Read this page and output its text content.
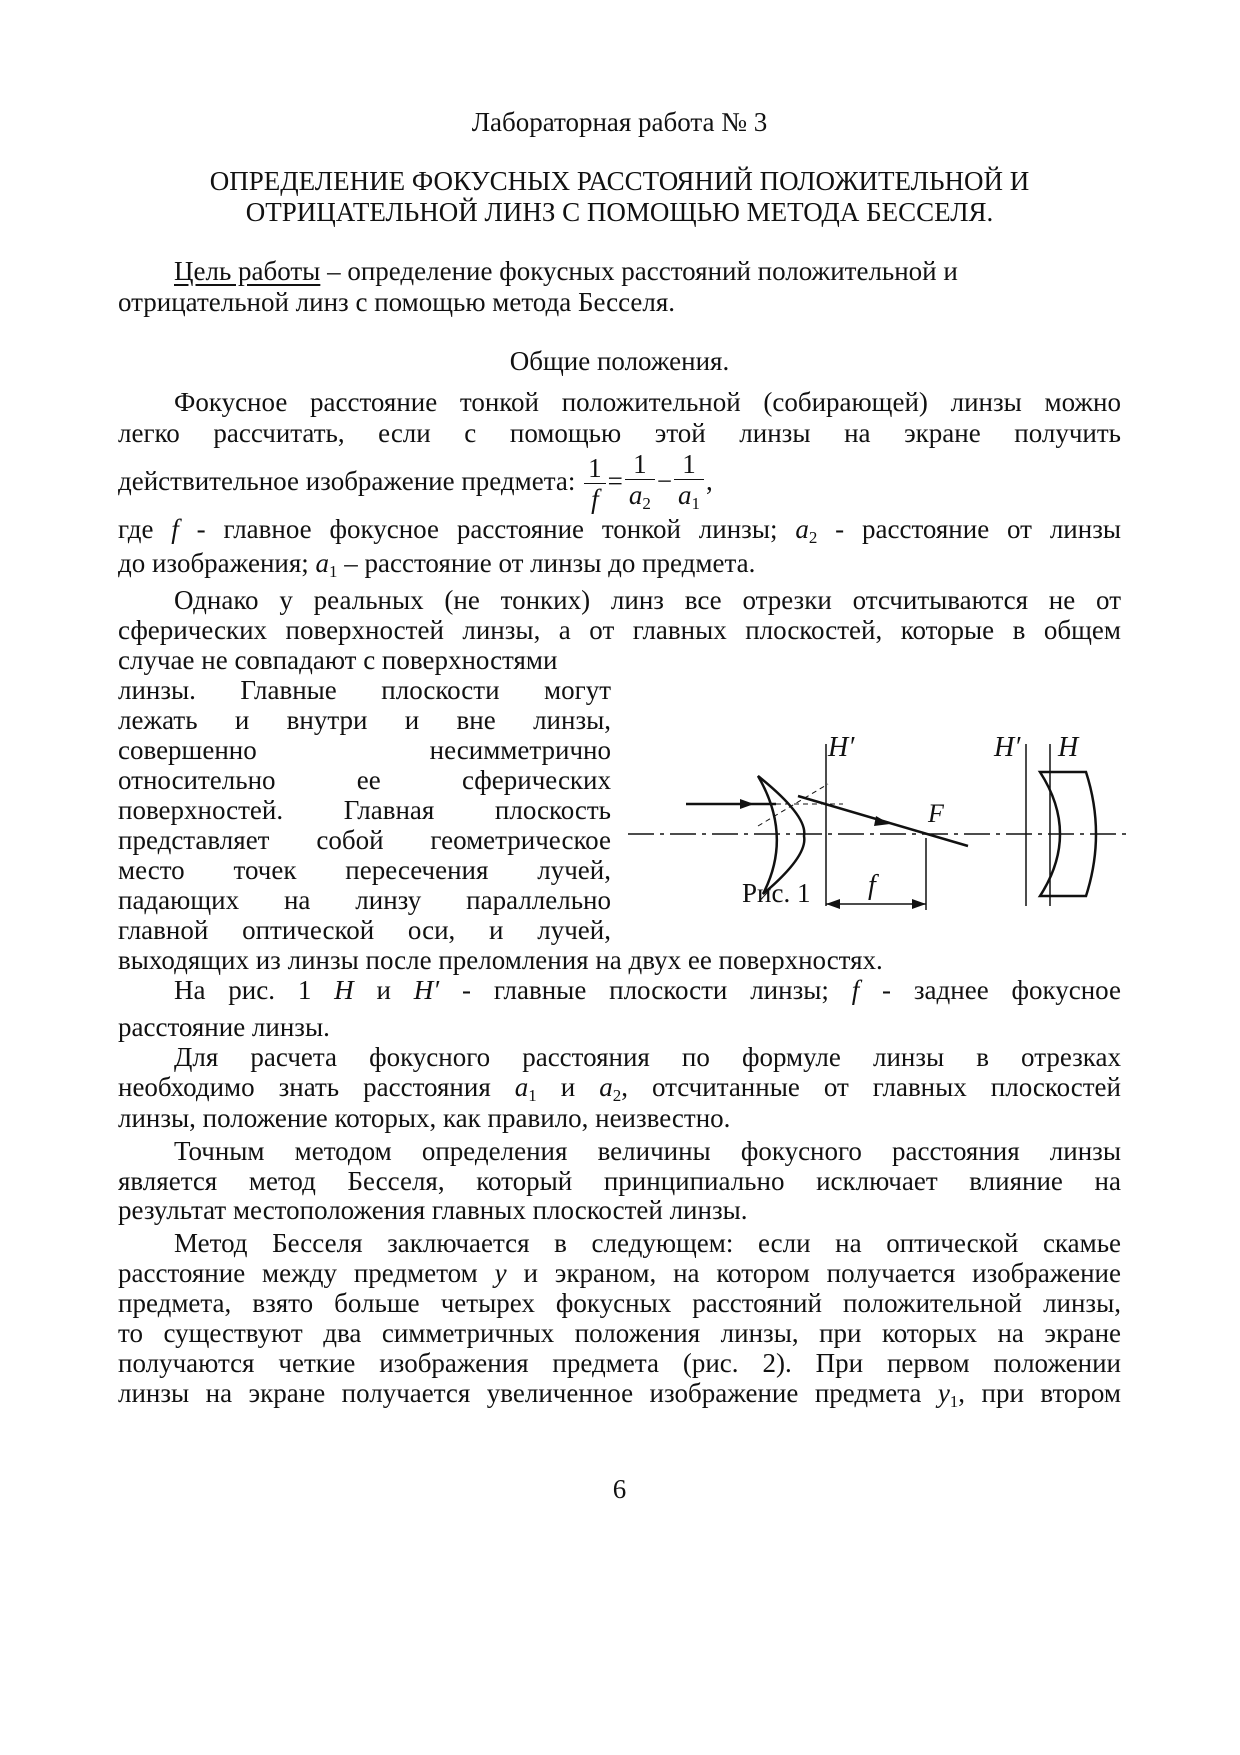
Лабораторная работа № 3
ОПРЕДЕЛЕНИЕ ФОКУСНЫХ РАССТОЯНИЙ ПОЛОЖИТЕЛЬНОЙ И
ОТРИЦАТЕЛЬНОЙ ЛИНЗ С ПОМОЩЬЮ МЕТОДА БЕССЕЛЯ.
Цель работы – определение фокусных расстояний положительной и
отрицательной линз с помощью метода Бесселя.
Общие положения.
Фокусное расстояние тонкой положительной (собирающей) линзы можно
легко рассчитать, если с помощью этой линзы на экране получить
действительное изображение предмета: $\frac{1}{f} = \frac{1}{a_2} - \frac{1}{a_1}$ ,
где f - главное фокусное расстояние тонкой линзы; $a_2$ - расстояние от линзы
до изображения; $a_1$ – расстояние от линзы до предмета.
Однако у реальных (не тонких) линз все отрезки отсчитываются не от
сферических поверхностей линзы, а от главных плоскостей, которые в общем
случае не совпадают с поверхностями
линзы. Главные плоскости могут
лежать и внутри и вне линзы,
совершенно несимметрично
относительно ее сферических
поверхностей. Главная плоскость
представляет собой геометрическое
место точек пересечения лучей,
падающих на линзу параллельно
главной оптической оси, и лучей,
выходящих из линзы после преломления на двух ее поверхностях.
H′	H′ H
F
f
Рис. 1
На рис. 1 H и H′ - главные плоскости линзы; f - заднее фокусное
расстояние линзы.
Для расчета фокусного расстояния по формуле линзы в отрезках
необходимо знать расстояния $a_1$ и $a_2$, отсчитанные от главных плоскостей
линзы, положение которых, как правило, неизвестно.
Точным методом определения величины фокусного расстояния линзы
является метод Бесселя, который принципиально исключает влияние на
результат местоположения главных плоскостей линзы.
Метод Бесселя заключается в следующем: если на оптической скамье
расстояние между предметом y и экраном, на котором получается изображение
предмета, взято больше четырех фокусных расстояний положительной линзы,
то существуют два симметричных положения линзы, при которых на экране
получаются четкие изображения предмета (рис. 2). При первом положении
линзы на экране получается увеличенное изображение предмета $y_1$, при втором
6
